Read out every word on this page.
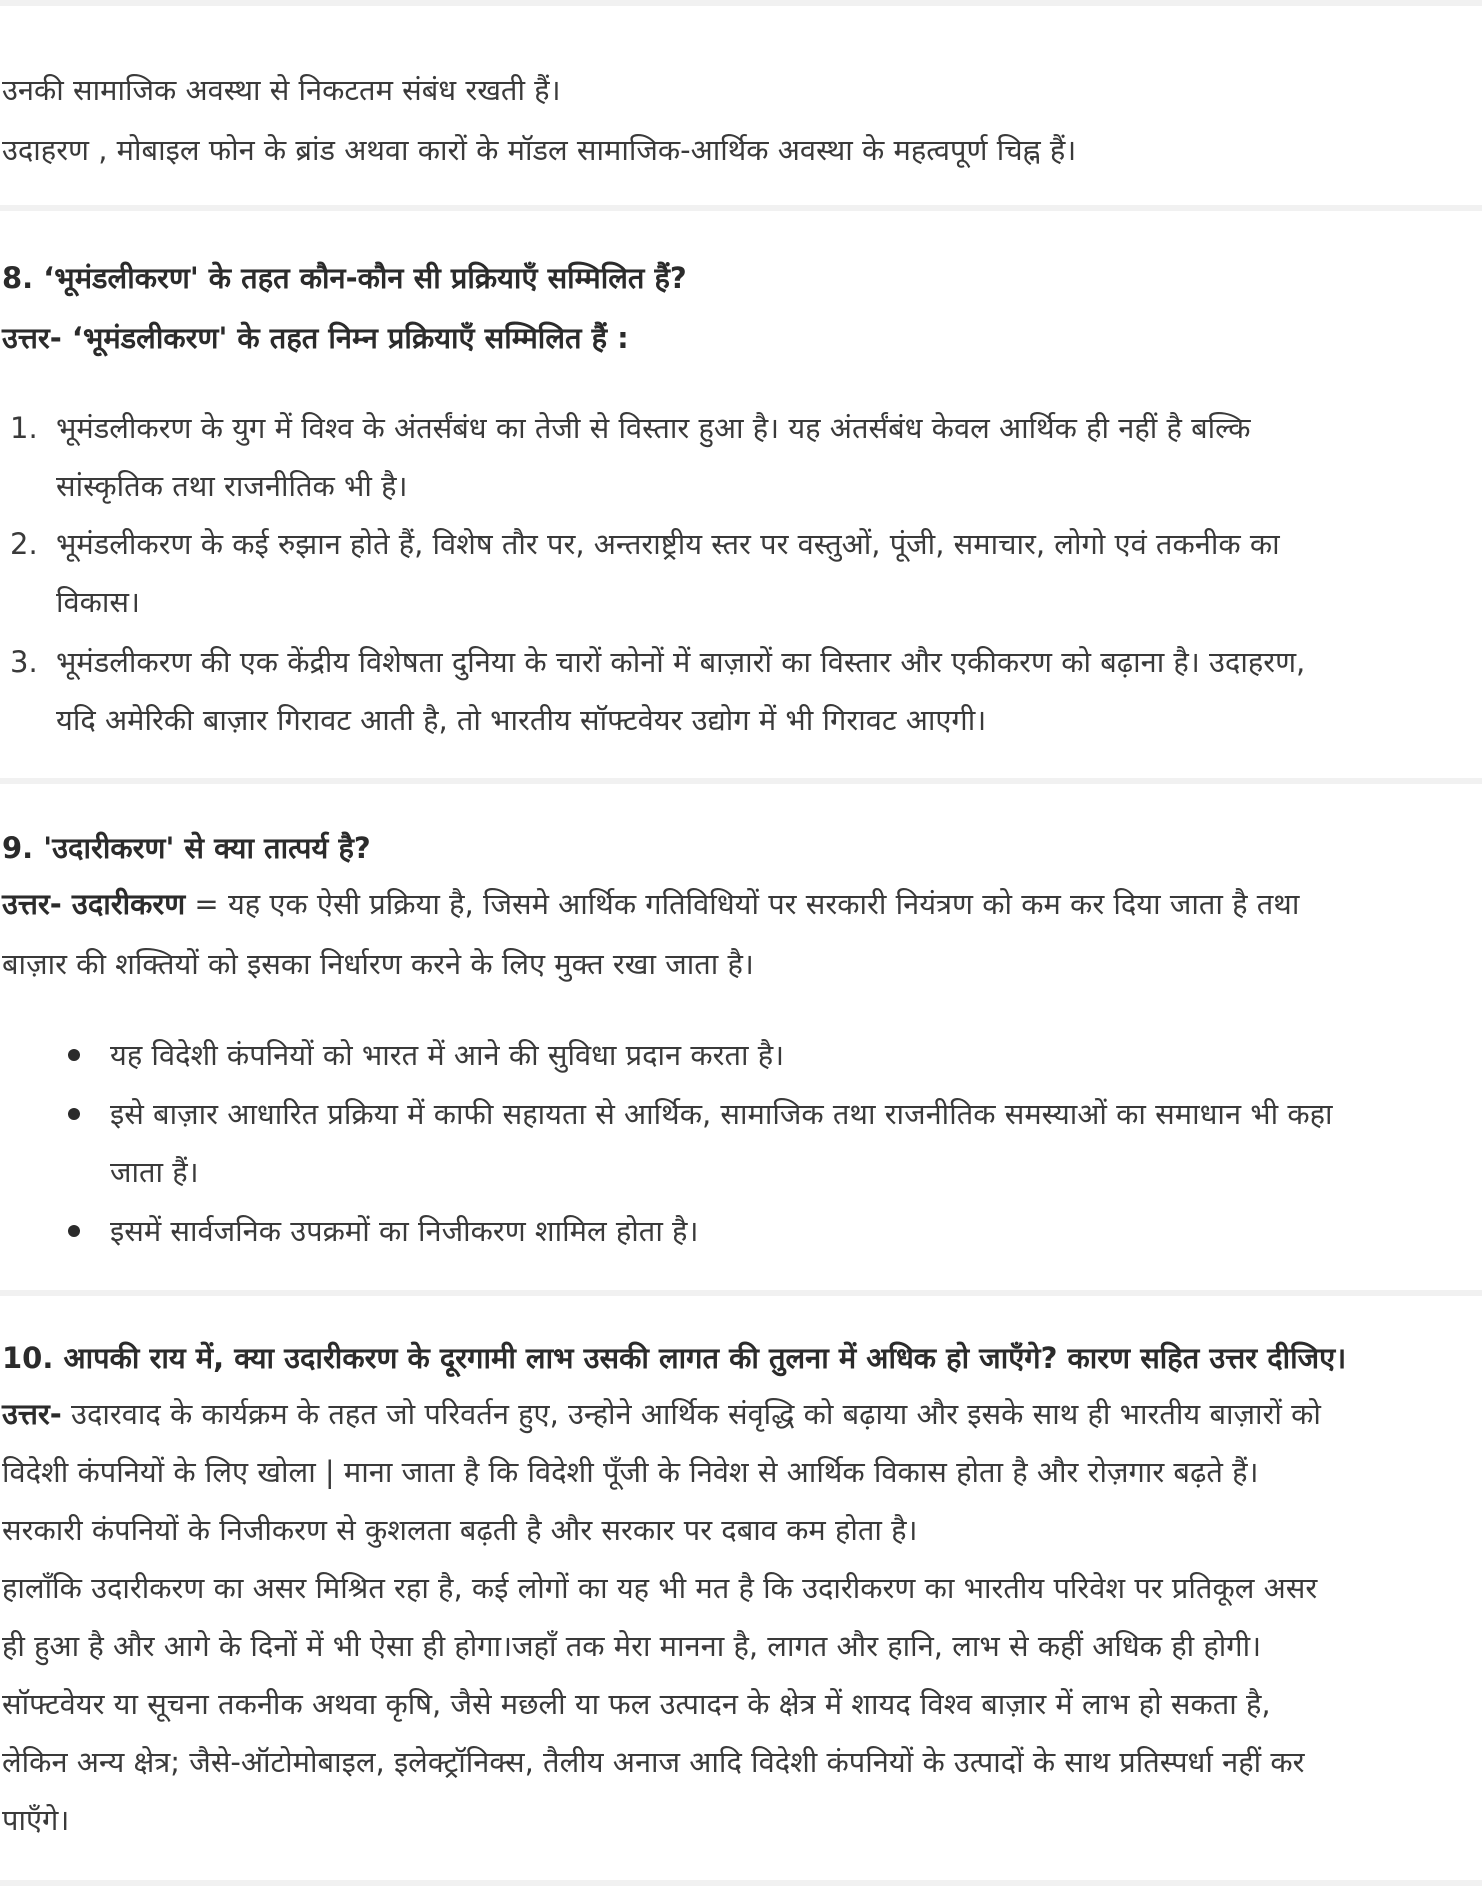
उनकी सामाजिक अवस्था से निकटतम संबंध रखती हैं।
उदाहरण , मोबाइल फोन के ब्रांड अथवा कारों के मॉडल सामाजिक-आर्थिक अवस्था के महत्वपूर्ण चिह्न हैं।
8. ‘भूमंडलीकरण' के तहत कौन-कौन सी प्रक्रियाएँ सम्मिलित हैं?
उत्तर- ‘भूमंडलीकरण' के तहत निम्न प्रक्रियाएँ सम्मिलित हैं :
1. भूमंडलीकरण के युग में विश्व के अंतर्संबंध का तेजी से विस्तार हुआ है। यह अंतर्संबंध केवल आर्थिक ही नहीं है बल्कि
सांस्कृतिक तथा राजनीतिक भी है।
2. भूमंडलीकरण के कई रुझान होते हैं, विशेष तौर पर, अन्तराष्ट्रीय स्तर पर वस्तुओं, पूंजी, समाचार, लोगो एवं तकनीक का
विकास।
3. भूमंडलीकरण की एक केंद्रीय विशेषता दुनिया के चारों कोनों में बाज़ारों का विस्तार और एकीकरण को बढ़ाना है। उदाहरण,
यदि अमेरिकी बाज़ार गिरावट आती है, तो भारतीय सॉफ्टवेयर उद्योग में भी गिरावट आएगी।
9. 'उदारीकरण' से क्या तात्पर्य है?
उत्तर- उदारीकरण = यह एक ऐसी प्रक्रिया है, जिसमे आर्थिक गतिविधियों पर सरकारी नियंत्रण को कम कर दिया जाता है तथा
बाज़ार की शक्तियों को इसका निर्धारण करने के लिए मुक्त रखा जाता है।
यह विदेशी कंपनियों को भारत में आने की सुविधा प्रदान करता है।
इसे बाज़ार आधारित प्रक्रिया में काफी सहायता से आर्थिक, सामाजिक तथा राजनीतिक समस्याओं का समाधान भी कहा
जाता हैं।
इसमें सार्वजनिक उपक्रमों का निजीकरण शामिल होता है।
10. आपकी राय में, क्या उदारीकरण के दूरगामी लाभ उसकी लागत की तुलना में अधिक हो जाएँगे? कारण सहित उत्तर दीजिए।
उत्तर- उदारवाद के कार्यक्रम के तहत जो परिवर्तन हुए, उन्होने आर्थिक संवृद्धि को बढ़ाया और इसके साथ ही भारतीय बाज़ारों को
विदेशी कंपनियों के लिए खोला | माना जाता है कि विदेशी पूँजी के निवेश से आर्थिक विकास होता है और रोज़गार बढ़ते हैं।
सरकारी कंपनियों के निजीकरण से कुशलता बढ़ती है और सरकार पर दबाव कम होता है।
हालाँकि उदारीकरण का असर मिश्रित रहा है, कई लोगों का यह भी मत है कि उदारीकरण का भारतीय परिवेश पर प्रतिकूल असर
ही हुआ है और आगे के दिनों में भी ऐसा ही होगा।जहाँ तक मेरा मानना है, लागत और हानि, लाभ से कहीं अधिक ही होगी।
सॉफ्टवेयर या सूचना तकनीक अथवा कृषि, जैसे मछली या फल उत्पादन के क्षेत्र में शायद विश्व बाज़ार में लाभ हो सकता है,
लेकिन अन्य क्षेत्र; जैसे-ऑटोमोबाइल, इलेक्ट्रॉनिक्स, तैलीय अनाज आदि विदेशी कंपनियों के उत्पादों के साथ प्रतिस्पर्धा नहीं कर
पाएँगे।
